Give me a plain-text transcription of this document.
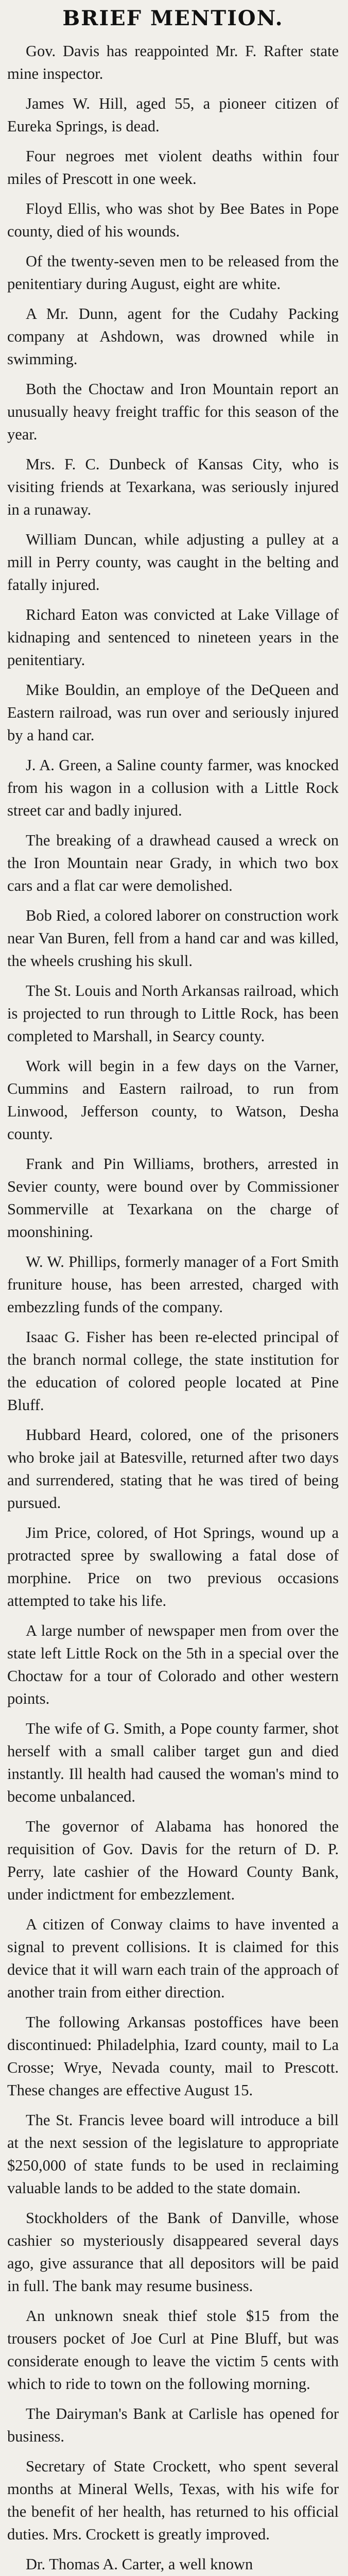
BRIEF MENTION.

Gov. Davis has reappointed Mr. F. Rafter state mine inspector.

James W. Hill, aged 55, a pioneer citizen of Eureka Springs, is dead.

Four negroes met violent deaths within four miles of Prescott in one week.

Floyd Ellis, who was shot by Bee Bates in Pope county, died of his wounds.

Of the twenty-seven men to be released from the penitentiary during August, eight are white.

A Mr. Dunn, agent for the Cudahy Packing company at Ashdown, was drowned while in swimming.

Both the Choctaw and Iron Mountain report an unusually heavy freight traffic for this season of the year.

Mrs. F. C. Dunbeck of Kansas City, who is visiting friends at Texarkana, was seriously injured in a runaway.

William Duncan, while adjusting a pulley at a mill in Perry county, was caught in the belting and fatally injured.

Richard Eaton was convicted at Lake Village of kidnaping and sentenced to nineteen years in the penitentiary.

Mike Bouldin, an employe of the DeQueen and Eastern railroad, was run over and seriously injured by a hand car.

J. A. Green, a Saline county farmer, was knocked from his wagon in a collusion with a Little Rock street car and badly injured.

The breaking of a drawhead caused a wreck on the Iron Mountain near Grady, in which two box cars and a flat car were demolished.

Bob Ried, a colored laborer on construction work near Van Buren, fell from a hand car and was killed, the wheels crushing his skull.

The St. Louis and North Arkansas railroad, which is projected to run through to Little Rock, has been completed to Marshall, in Searcy county.

Work will begin in a few days on the Varner, Cummins and Eastern railroad, to run from Linwood, Jefferson county, to Watson, Desha county.

Frank and Pin Williams, brothers, arrested in Sevier county, were bound over by Commissioner Sommerville at Texarkana on the charge of moonshining.

W. W. Phillips, formerly manager of a Fort Smith fruniture house, has been arrested, charged with embezzling funds of the company.

Isaac G. Fisher has been re-elected principal of the branch normal college, the state institution for the education of colored people located at Pine Bluff.

Hubbard Heard, colored, one of the prisoners who broke jail at Batesville, returned after two days and surrendered, stating that he was tired of being pursued.

Jim Price, colored, of Hot Springs, wound up a protracted spree by swallowing a fatal dose of morphine. Price on two previous occasions attempted to take his life.

A large number of newspaper men from over the state left Little Rock on the 5th in a special over the Choctaw for a tour of Colorado and other western points.

The wife of G. Smith, a Pope county farmer, shot herself with a small caliber target gun and died instantly. Ill health had caused the woman's mind to become unbalanced.

The governor of Alabama has honored the requisition of Gov. Davis for the return of D. P. Perry, late cashier of the Howard County Bank, under indictment for embezzlement.

A citizen of Conway claims to have invented a signal to prevent collisions. It is claimed for this device that it will warn each train of the approach of another train from either direction.

The following Arkansas postoffices have been discontinued: Philadelphia, Izard county, mail to La Crosse; Wrye, Nevada county, mail to Prescott. These changes are effective August 15.

The St. Francis levee board will introduce a bill at the next session of the legislature to appropriate $250,000 of state funds to be used in reclaiming valuable lands to be added to the state domain.

Stockholders of the Bank of Danville, whose cashier so mysteriously disappeared several days ago, give assurance that all depositors will be paid in full. The bank may resume business.

An unknown sneak thief stole $15 from the trousers pocket of Joe Curl at Pine Bluff, but was considerate enough to leave the victim 5 cents with which to ride to town on the following morning.

The Dairyman's Bank at Carlisle has opened for business.

Secretary of State Crockett, who spent several months at Mineral Wells, Texas, with his wife for the benefit of her health, has returned to his official duties. Mrs. Crockett is greatly improved.

Dr. Thomas A. Carter, a well known
